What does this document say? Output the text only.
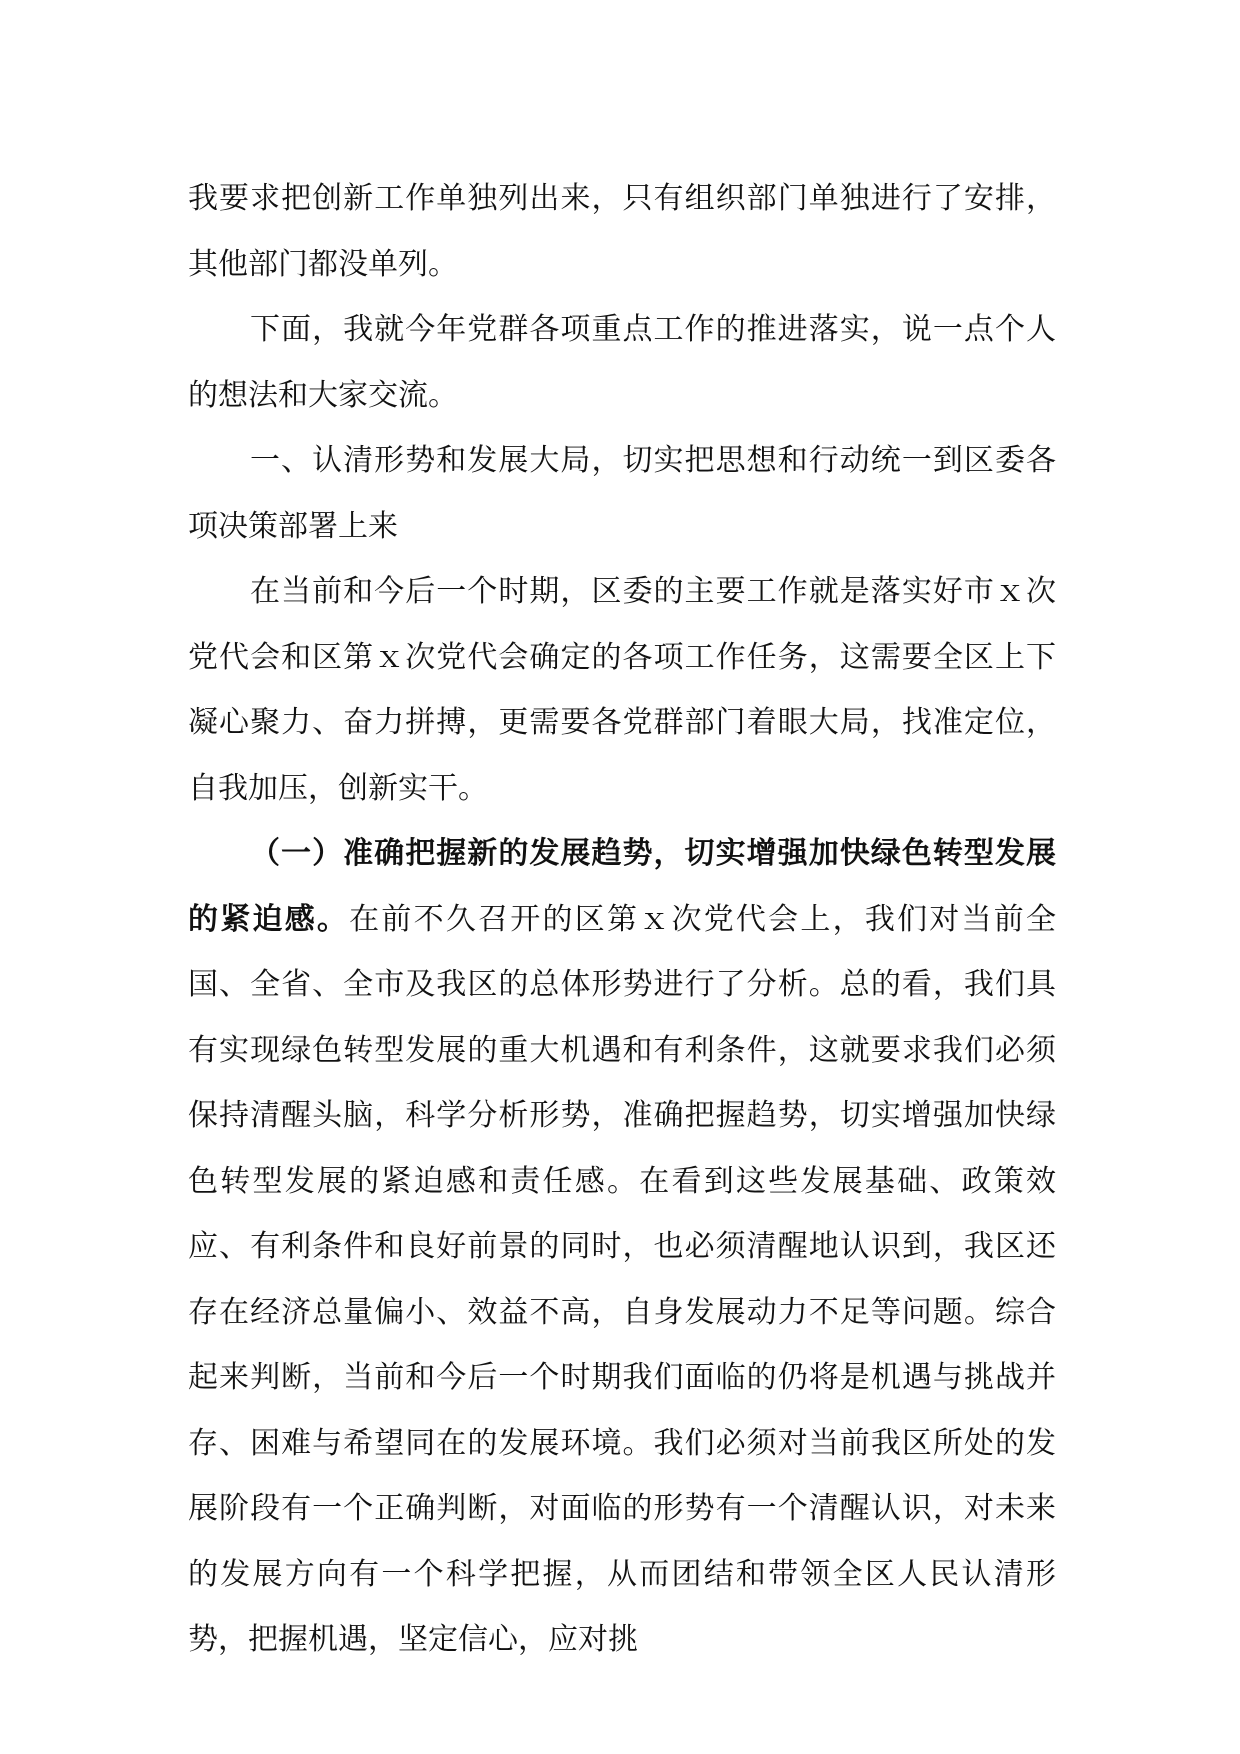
我要求把创新工作单独列出来，只有组织部门单独进行了安排，其他部门都没单列。

下面，我就今年党群各项重点工作的推进落实，说一点个人的想法和大家交流。

一、认清形势和发展大局，切实把思想和行动统一到区委各项决策部署上来

在当前和今后一个时期，区委的主要工作就是落实好市ｘ次党代会和区第ｘ次党代会确定的各项工作任务，这需要全区上下凝心聚力、奋力拼搏，更需要各党群部门着眼大局，找准定位，自我加压，创新实干。

（一）准确把握新的发展趋势，切实增强加快绿色转型发展的紧迫感。在前不久召开的区第ｘ次党代会上，我们对当前全国、全省、全市及我区的总体形势进行了分析。总的看，我们具有实现绿色转型发展的重大机遇和有利条件，这就要求我们必须保持清醒头脑，科学分析形势，准确把握趋势，切实增强加快绿色转型发展的紧迫感和责任感。在看到这些发展基础、政策效应、有利条件和良好前景的同时，也必须清醒地认识到，我区还存在经济总量偏小、效益不高，自身发展动力不足等问题。综合起来判断，当前和今后一个时期我们面临的仍将是机遇与挑战并存、困难与希望同在的发展环境。我们必须对当前我区所处的发展阶段有一个正确判断，对面临的形势有一个清醒认识，对未来的发展方向有一个科学把握，从而团结和带领全区人民认清形势，把握机遇，坚定信心，应对挑
